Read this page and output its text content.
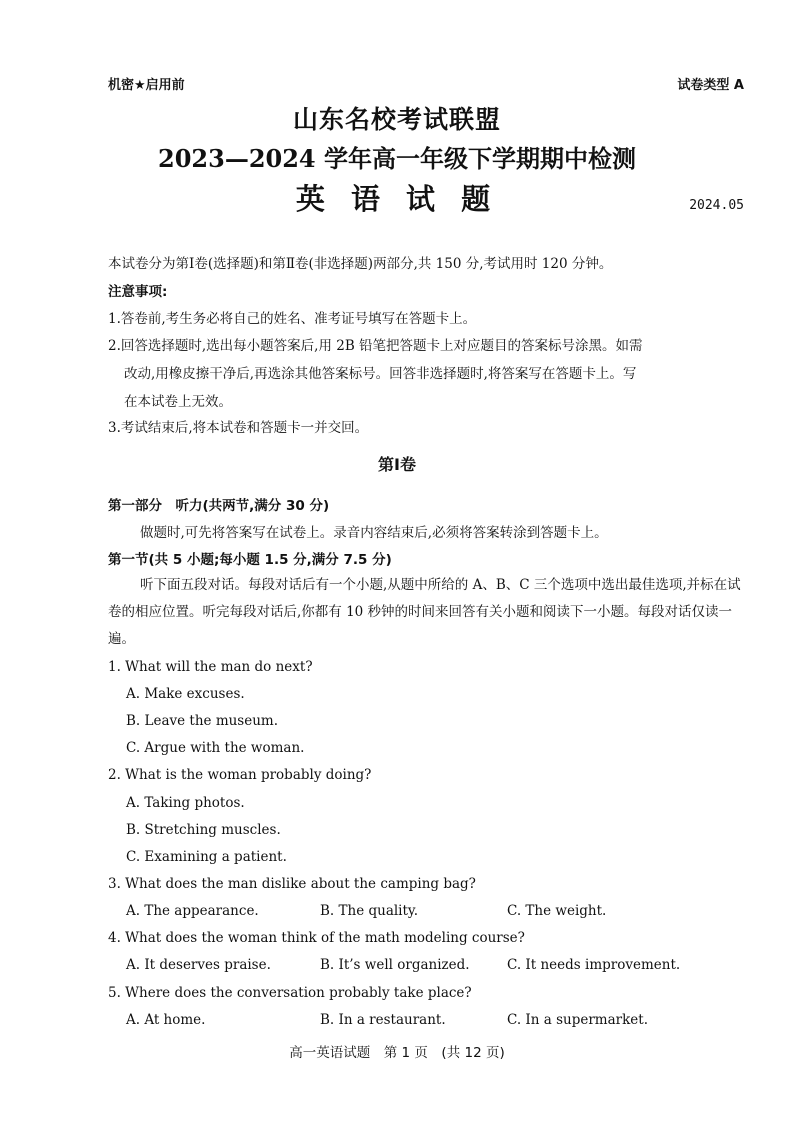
机密★启用前	试卷类型 A
山东名校考试联盟
2023—2024 学年高一年级下学期期中检测
英 语 试 题	2024.05
本试卷分为第Ⅰ卷(选择题)和第Ⅱ卷(非选择题)两部分,共 150 分,考试用时 120 分钟。
注意事项:
1.答卷前,考生务必将自己的姓名、准考证号填写在答题卡上。
2.回答选择题时,选出每小题答案后,用 2B 铅笔把答题卡上对应题目的答案标号涂黑。如需
改动,用橡皮擦干净后,再选涂其他答案标号。回答非选择题时,将答案写在答题卡上。写
在本试卷上无效。
3.考试结束后,将本试卷和答题卡一并交回。
第Ⅰ卷
第一部分　听力(共两节,满分 30 分)
做题时,可先将答案写在试卷上。录音内容结束后,必须将答案转涂到答题卡上。
第一节(共 5 小题;每小题 1.5 分,满分 7.5 分)
听下面五段对话。每段对话后有一个小题,从题中所给的 A、B、C 三个选项中选出最佳选项,并标在试卷的相应位置。听完每段对话后,你都有 10 秒钟的时间来回答有关小题和阅读下一小题。每段对话仅读一遍。
1. What will the man do next?
A. Make excuses.
B. Leave the museum.
C. Argue with the woman.
2. What is the woman probably doing?
A. Taking photos.
B. Stretching muscles.
C. Examining a patient.
3. What does the man dislike about the camping bag?
A. The appearance.	B. The quality.	C. The weight.
4. What does the woman think of the math modeling course?
A. It deserves praise.	B. It’s well organized.	C. It needs improvement.
5. Where does the conversation probably take place?
A. At home.	B. In a restaurant.	C. In a supermarket.
高一英语试题　第 1 页　(共 12 页)
